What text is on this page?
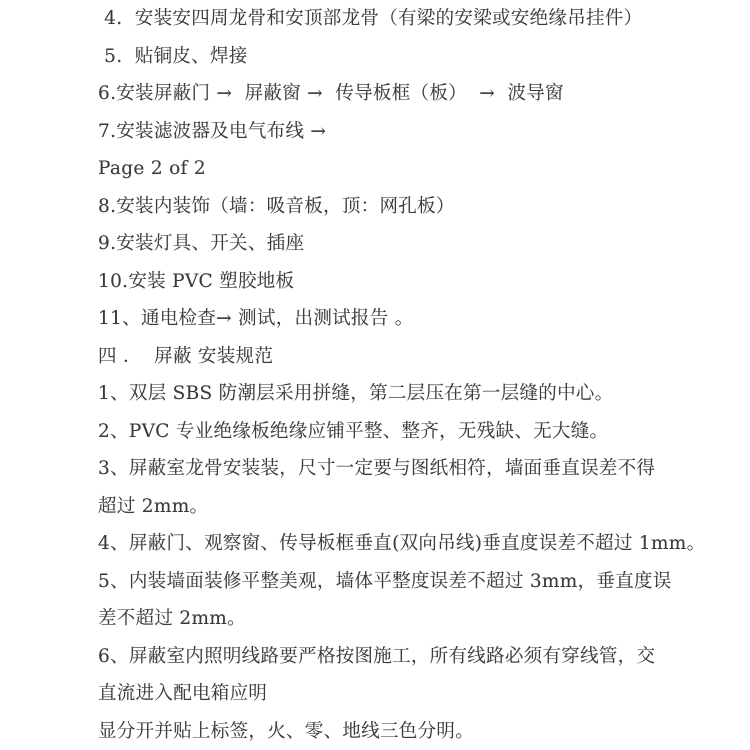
4.  安装安四周龙骨和安顶部龙骨（有梁的安梁或安绝缘吊挂件）

5.  贴铜皮、焊接

6.安装屏蔽门 →  屏蔽窗 →  传导板框（板）  →  波导窗

7.安装滤波器及电气布线 →

Page 2 of 2

8.安装内装饰（墙：吸音板，顶：网孔板）

9.安装灯具、开关、插座

10.安装 PVC 塑胶地板

11、通电检查→ 测试，出测试报告 。

四 ．  屏蔽 安装规范

1、双层 SBS 防潮层采用拼缝，第二层压在第一层缝的中心。

2、PVC 专业绝缘板绝缘应铺平整、整齐，无残缺、无大缝。

3、屏蔽室龙骨安装装，尺寸一定要与图纸相符，墙面垂直误差不得

超过 2mm。

4、屏蔽门、观察窗、传导板框垂直(双向吊线)垂直度误差不超过 1mm。

5、内装墙面装修平整美观，墙体平整度误差不超过 3mm，垂直度误

差不超过 2mm。

6、屏蔽室内照明线路要严格按图施工，所有线路必须有穿线管，交

直流进入配电箱应明

显分开并贴上标签，火、零、地线三色分明。
